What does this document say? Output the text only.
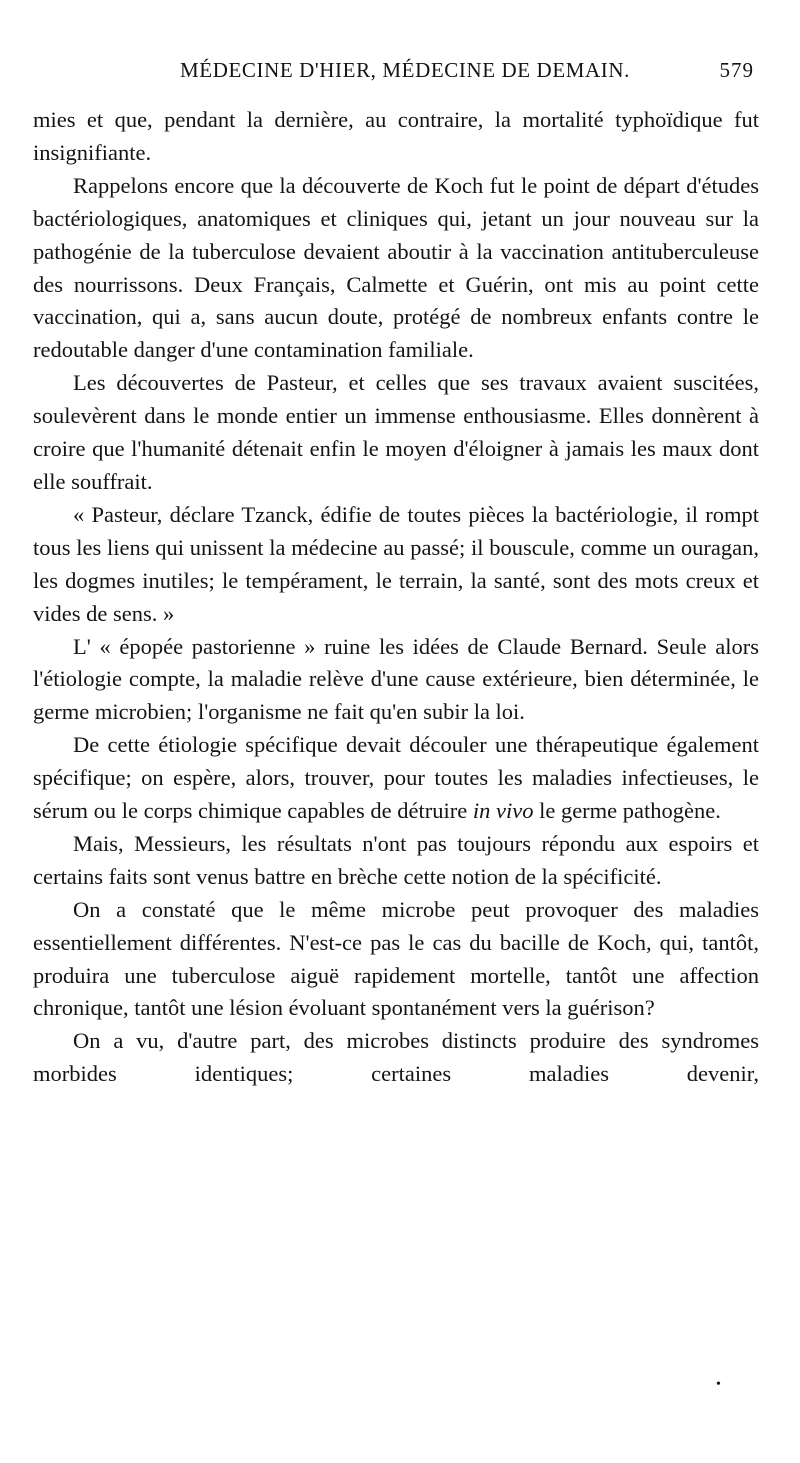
MÉDECINE D'HIER, MÉDECINE DE DEMAIN.	579

mies et que, pendant la dernière, au contraire, la mortalité typhoïdique fut insignifiante.

Rappelons encore que la découverte de Koch fut le point de départ d'études bactériologiques, anatomiques et cliniques qui, jetant un jour nouveau sur la pathogénie de la tuberculose devaient aboutir à la vaccination antituberculeuse des nourrissons. Deux Français, Calmette et Guérin, ont mis au point cette vaccination, qui a, sans aucun doute, protégé de nombreux enfants contre le redoutable danger d'une contamination familiale.

Les découvertes de Pasteur, et celles que ses travaux avaient suscitées, soulevèrent dans le monde entier un immense enthousiasme. Elles donnèrent à croire que l'humanité détenait enfin le moyen d'éloigner à jamais les maux dont elle souffrait.

« Pasteur, déclare Tzanck, édifie de toutes pièces la bactériologie, il rompt tous les liens qui unissent la médecine au passé; il bouscule, comme un ouragan, les dogmes inutiles; le tempérament, le terrain, la santé, sont des mots creux et vides de sens. »

L' « épopée pastorienne » ruine les idées de Claude Bernard. Seule alors l'étiologie compte, la maladie relève d'une cause extérieure, bien déterminée, le germe microbien; l'organisme ne fait qu'en subir la loi.

De cette étiologie spécifique devait découler une thérapeutique également spécifique; on espère, alors, trouver, pour toutes les maladies infectieuses, le sérum ou le corps chimique capables de détruire in vivo le germe pathogène.

Mais, Messieurs, les résultats n'ont pas toujours répondu aux espoirs et certains faits sont venus battre en brèche cette notion de la spécificité.

On a constaté que le même microbe peut provoquer des maladies essentiellement différentes. N'est-ce pas le cas du bacille de Koch, qui, tantôt, produira une tuberculose aiguë rapidement mortelle, tantôt une affection chronique, tantôt une lésion évoluant spontanément vers la guérison?

On a vu, d'autre part, des microbes distincts produire des syndromes morbides identiques; certaines maladies devenir,

•
